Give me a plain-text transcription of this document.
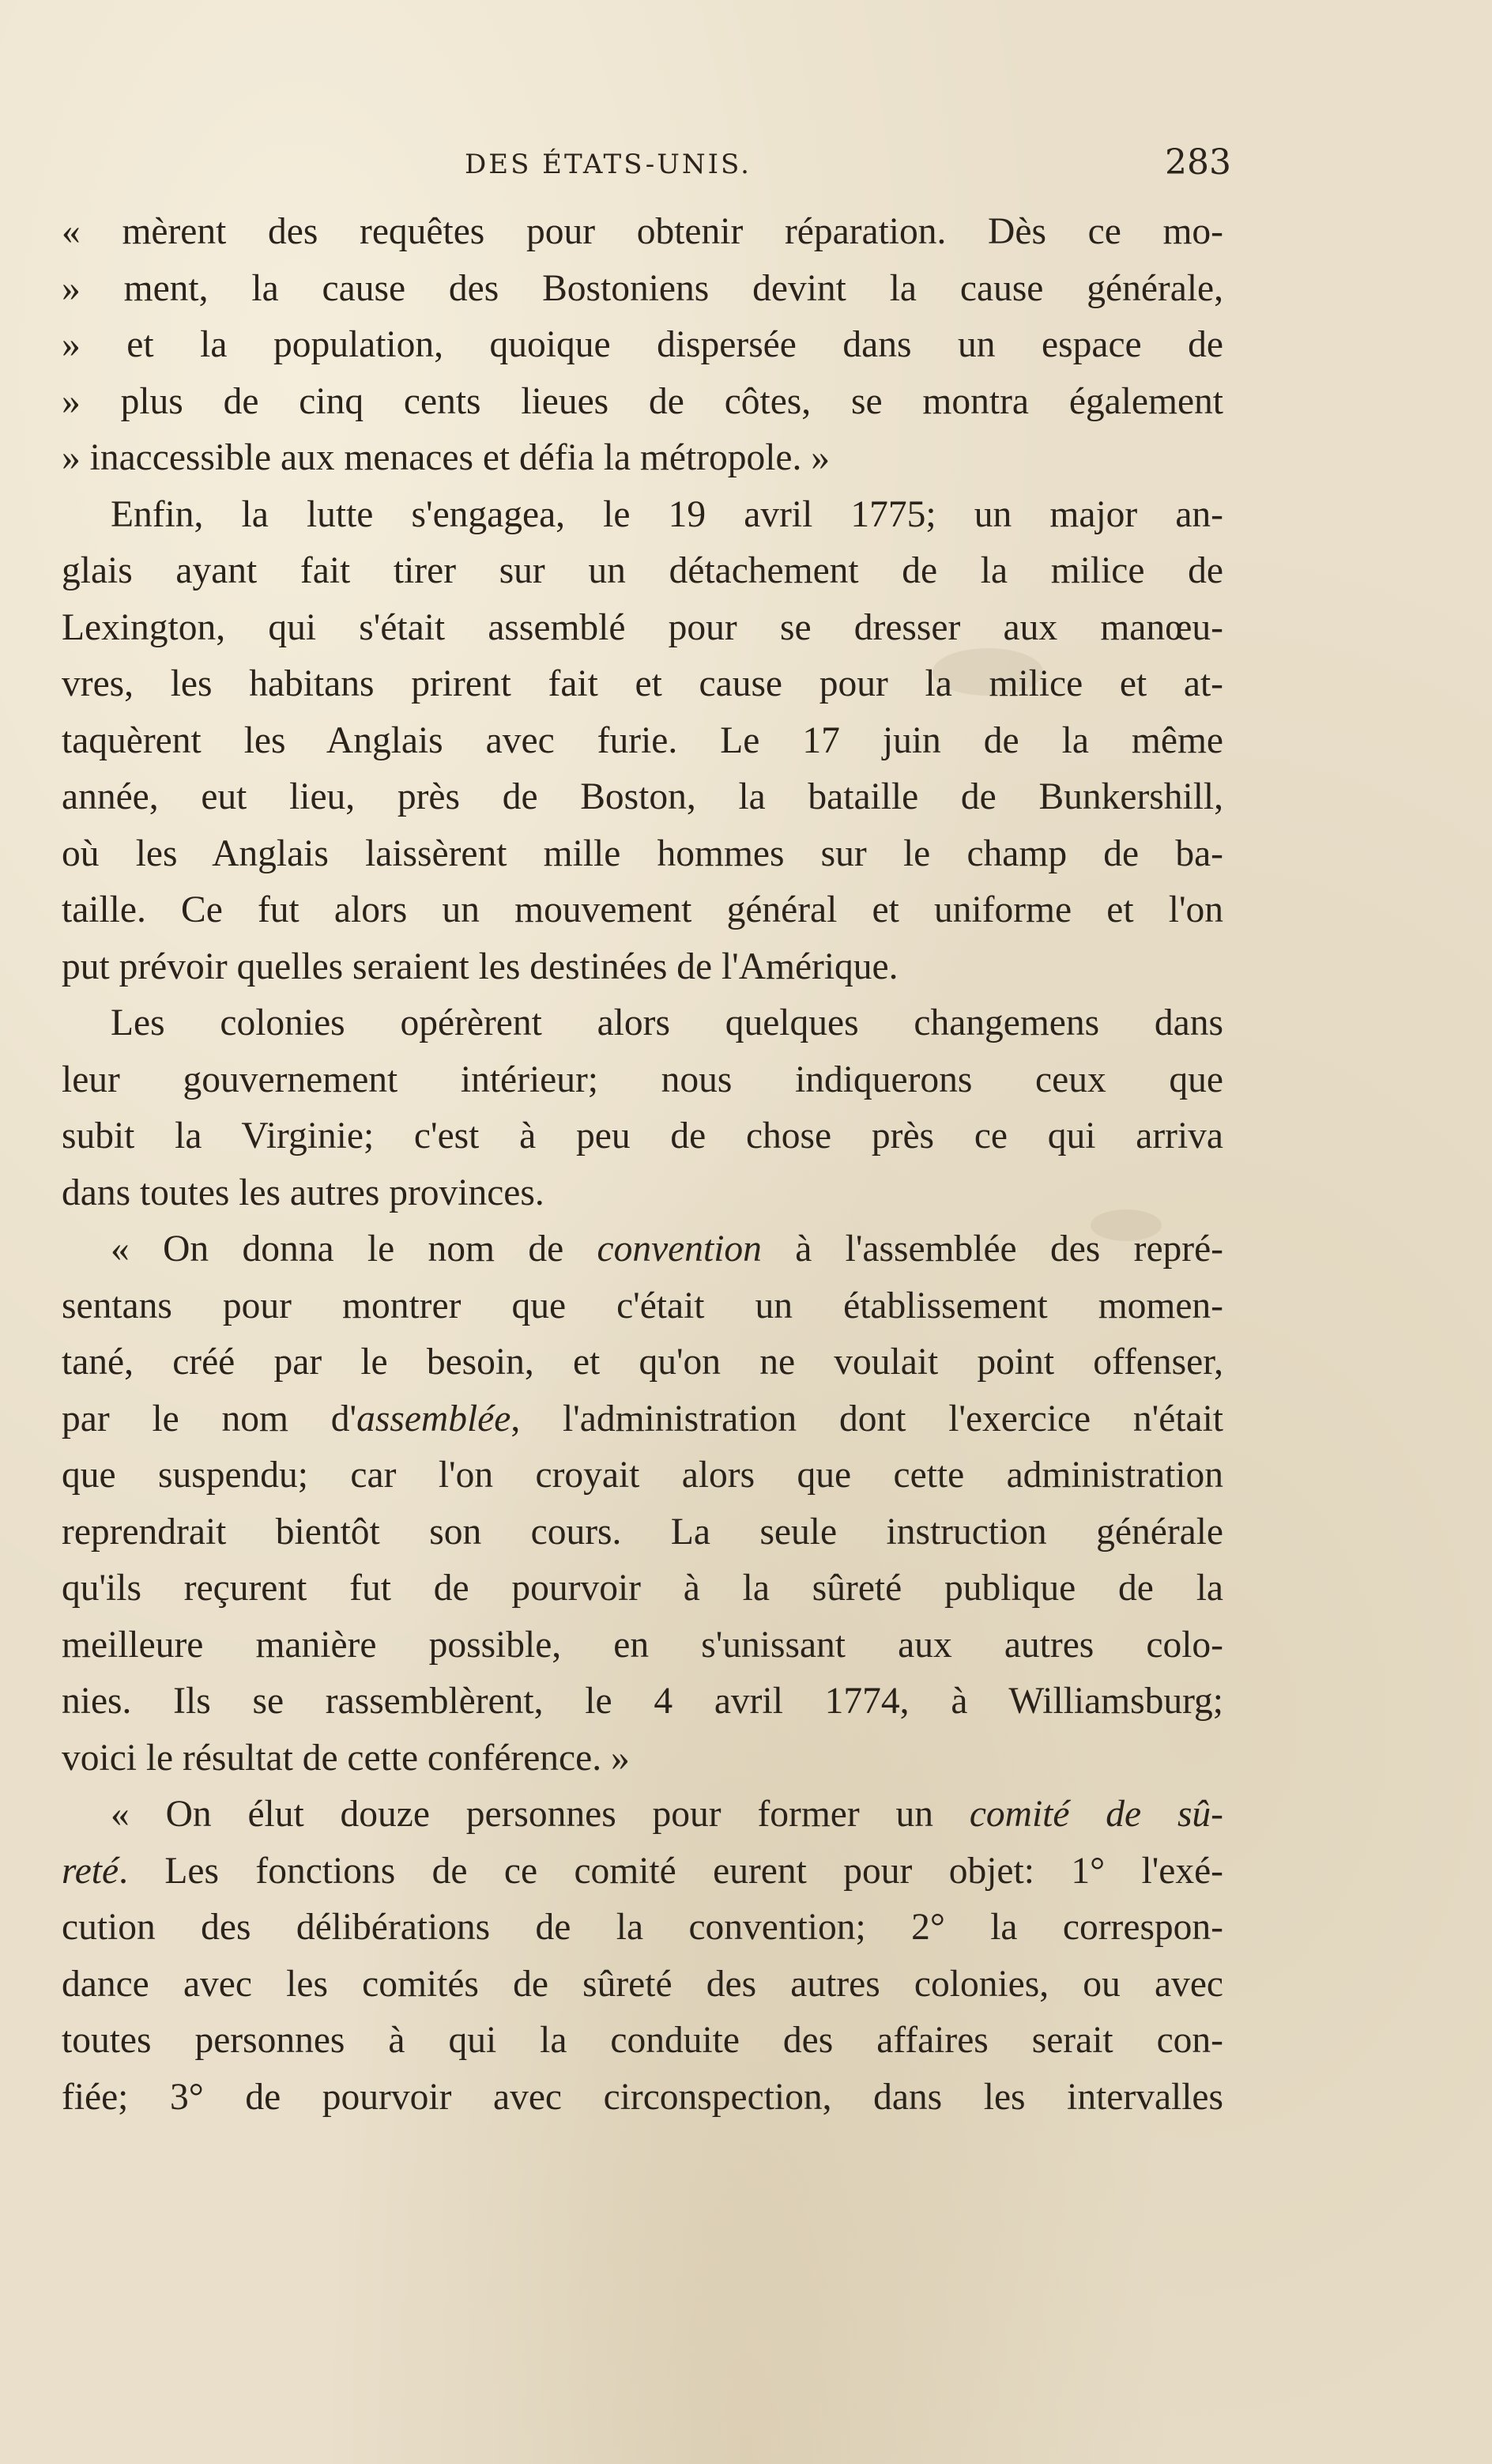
DES ÉTATS-UNIS.	283
« mèrent des requêtes pour obtenir réparation. Dès ce mo-
» ment, la cause des Bostoniens devint la cause générale,
» et la population, quoique dispersée dans un espace de
» plus de cinq cents lieues de côtes, se montra également
» inaccessible aux menaces et défia la métropole. »
Enfin, la lutte s'engagea, le 19 avril 1775; un major an-
glais ayant fait tirer sur un détachement de la milice de
Lexington, qui s'était assemblé pour se dresser aux manœu-
vres, les habitans prirent fait et cause pour la milice et at-
taquèrent les Anglais avec furie. Le 17 juin de la même
année, eut lieu, près de Boston, la bataille de Bunkershill,
où les Anglais laissèrent mille hommes sur le champ de ba-
taille. Ce fut alors un mouvement général et uniforme et l'on
put prévoir quelles seraient les destinées de l'Amérique.
Les colonies opérèrent alors quelques changemens dans
leur gouvernement intérieur; nous indiquerons ceux que
subit la Virginie; c'est à peu de chose près ce qui arriva
dans toutes les autres provinces.
« On donna le nom de convention à l'assemblée des repré-
sentans pour montrer que c'était un établissement momen-
tané, créé par le besoin, et qu'on ne voulait point offenser,
par le nom d'assemblée, l'administration dont l'exercice n'était
que suspendu; car l'on croyait alors que cette administration
reprendrait bientôt son cours. La seule instruction générale
qu'ils reçurent fut de pourvoir à la sûreté publique de la
meilleure manière possible, en s'unissant aux autres colo-
nies. Ils se rassemblèrent, le 4 avril 1774, à Williamsburg;
voici le résultat de cette conférence. »
« On élut douze personnes pour former un comité de sû-
reté. Les fonctions de ce comité eurent pour objet: 1° l'exé-
cution des délibérations de la convention; 2° la correspon-
dance avec les comités de sûreté des autres colonies, ou avec
toutes personnes à qui la conduite des affaires serait con-
fiée; 3° de pourvoir avec circonspection, dans les intervalles
